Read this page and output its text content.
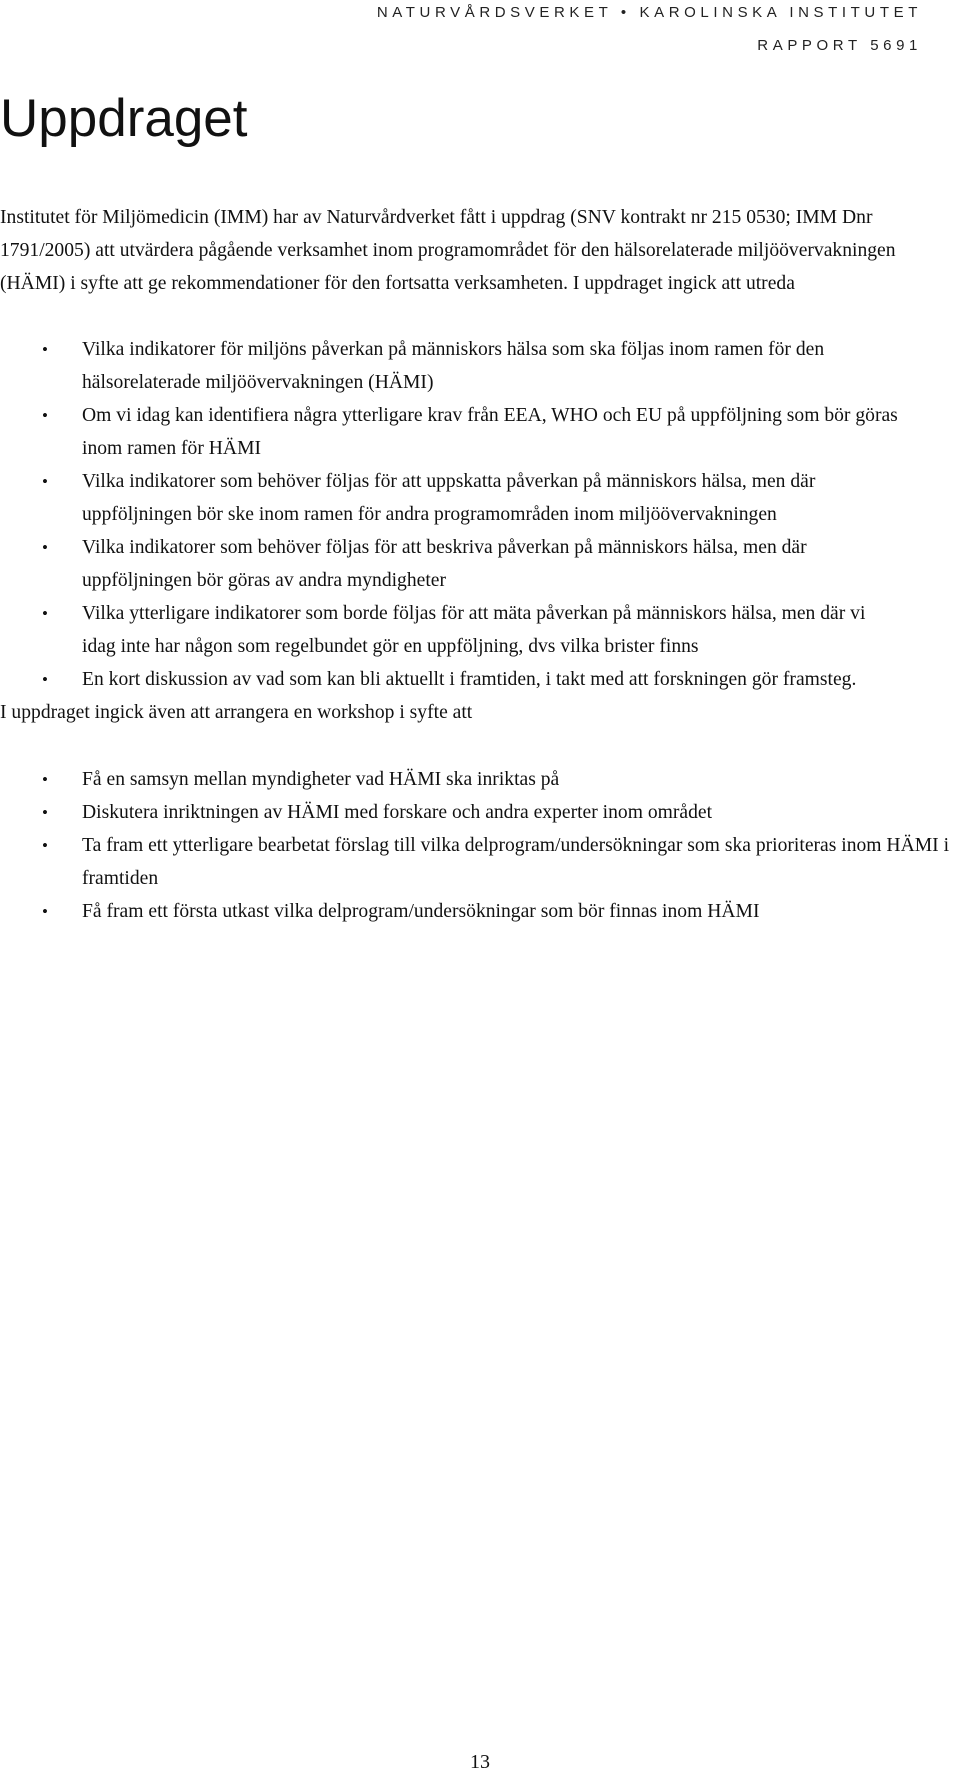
NATURVÅRDSVERKET • KAROLINSKA INSTITUTET
RAPPORT 5691
Uppdraget

Institutet för Miljömedicin (IMM) har av Naturvårdverket fått i uppdrag (SNV kontrakt nr 215 0530; IMM Dnr 1791/2005) att utvärdera pågående verksamhet inom programområdet för den hälsorelaterade miljöövervakningen (HÄMI) i syfte att ge rekommendationer för den fortsatta verksamheten. I uppdraget ingick att utreda

• Vilka indikatorer för miljöns påverkan på människors hälsa som ska följas inom ramen för den hälsorelaterade miljöövervakningen (HÄMI)
• Om vi idag kan identifiera några ytterligare krav från EEA, WHO och EU på uppföljning som bör göras inom ramen för HÄMI
• Vilka indikatorer som behöver följas för att uppskatta påverkan på människors hälsa, men där uppföljningen bör ske inom ramen för andra programområden inom miljöövervakningen
• Vilka indikatorer som behöver följas för att beskriva påverkan på människors hälsa, men där uppföljningen bör göras av andra myndigheter
• Vilka ytterligare indikatorer som borde följas för att mäta påverkan på människors hälsa, men där vi idag inte har någon som regelbundet gör en uppföljning, dvs vilka brister finns
• En kort diskussion av vad som kan bli aktuellt i framtiden, i takt med att forskningen gör framsteg.

I uppdraget ingick även att arrangera en workshop i syfte att

• Få en samsyn mellan myndigheter vad HÄMI ska inriktas på
• Diskutera inriktningen av HÄMI med forskare och andra experter inom området
• Ta fram ett ytterligare bearbetat förslag till vilka delprogram/undersökningar som ska prioriteras inom HÄMI i framtiden
• Få fram ett första utkast vilka delprogram/undersökningar som bör finnas inom HÄMI
13
